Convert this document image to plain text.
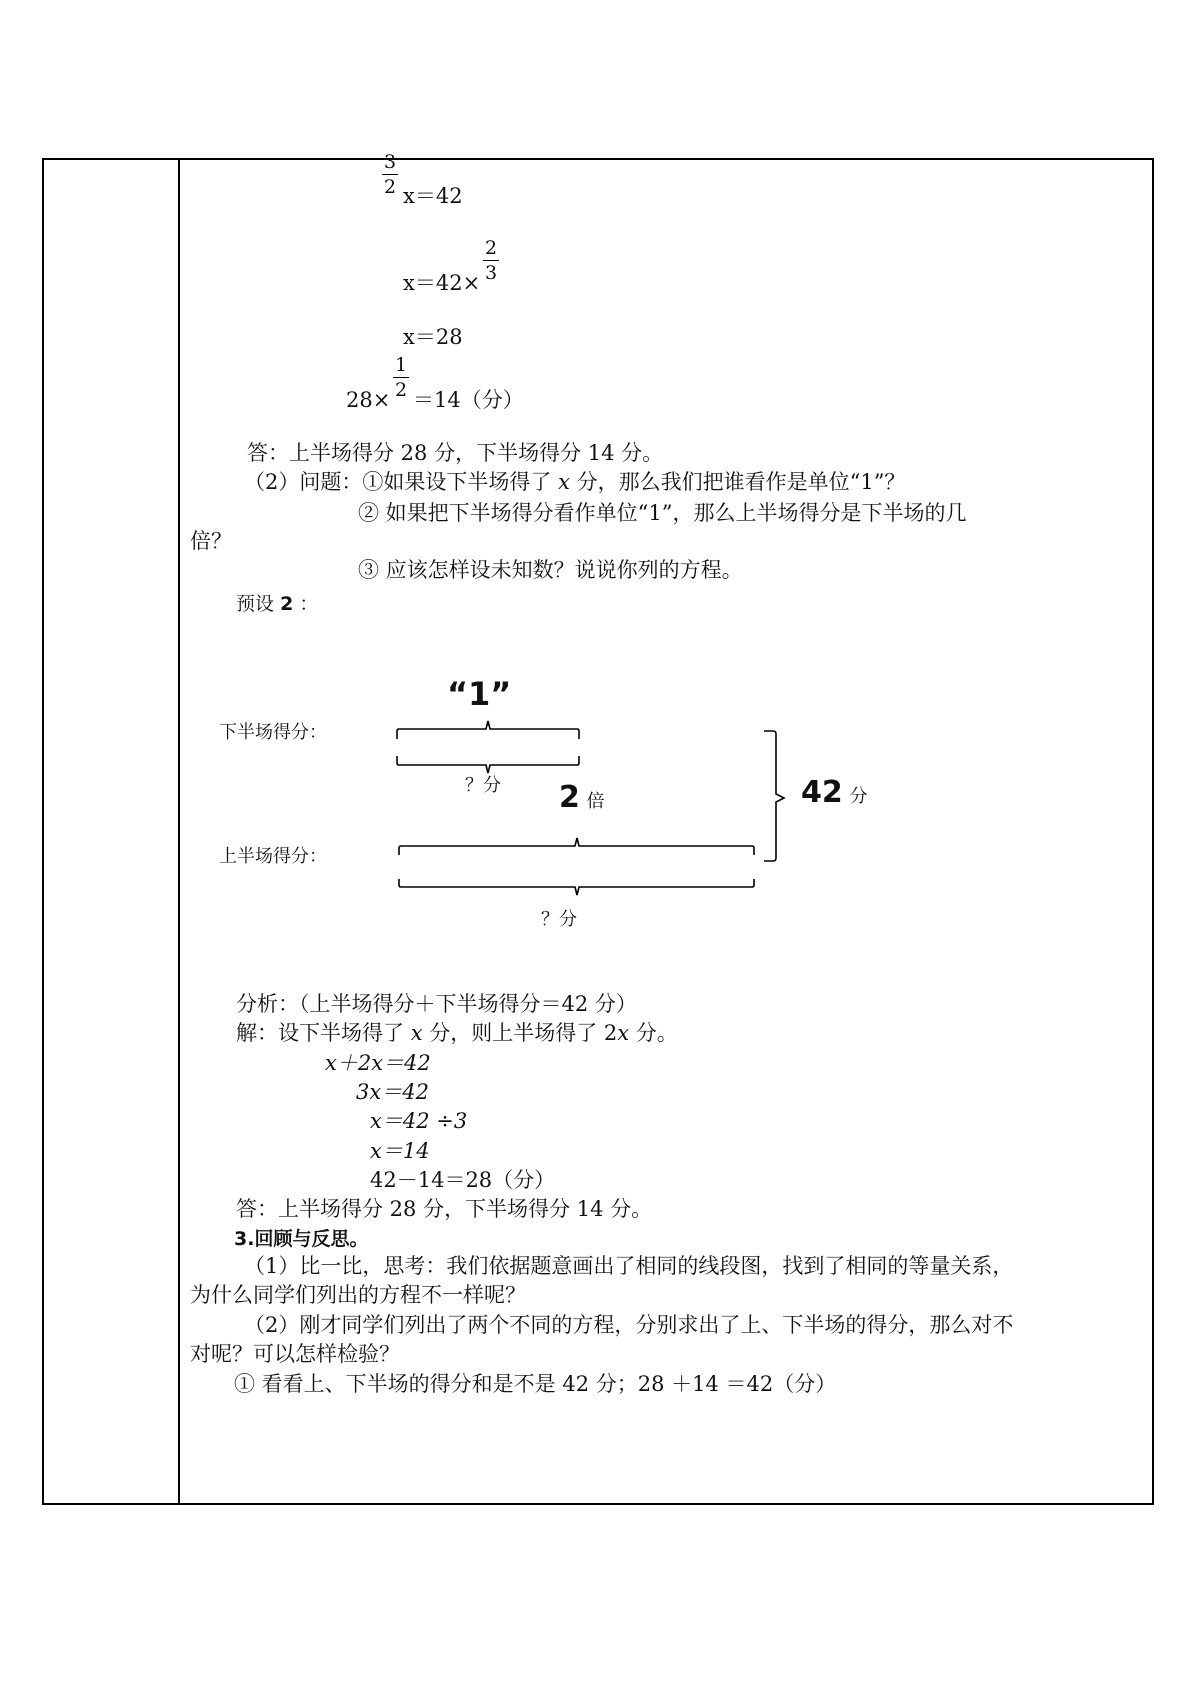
3
2 x＝42
x＝42×
2
3
x＝28
28×
1
2 ＝14（分）
答：上半场得分 28 分，下半场得分 14 分。
（2）问题：①如果设下半场得了 x 分，那么我们把谁看作是单位“1”？
② 如果把下半场得分看作单位“1”，那么上半场得分是下半场的几
倍？
③ 应该怎样设未知数？说说你列的方程。
预设 2 ：
“1”
下半场得分：
？分 2 倍	42 分
上半场得分：
？分
分析：（上半场得分＋下半场得分＝42 分）
解：设下半场得了 x 分，则上半场得了 2x 分。
x＋2x＝42
3x＝42
x＝42 ÷3
x＝14
42－14＝28（分）
答：上半场得分 28 分，下半场得分 14 分。
3.回顾与反思。
（1）比一比，思考：我们依据题意画出了相同的线段图，找到了相同的等量关系，
为什么同学们列出的方程不一样呢？
（2）刚才同学们列出了两个不同的方程，分别求出了上、下半场的得分，那么对不
对呢？可以怎样检验？
① 看看上、下半场的得分和是不是 42 分；28 ＋14 ＝42（分）
